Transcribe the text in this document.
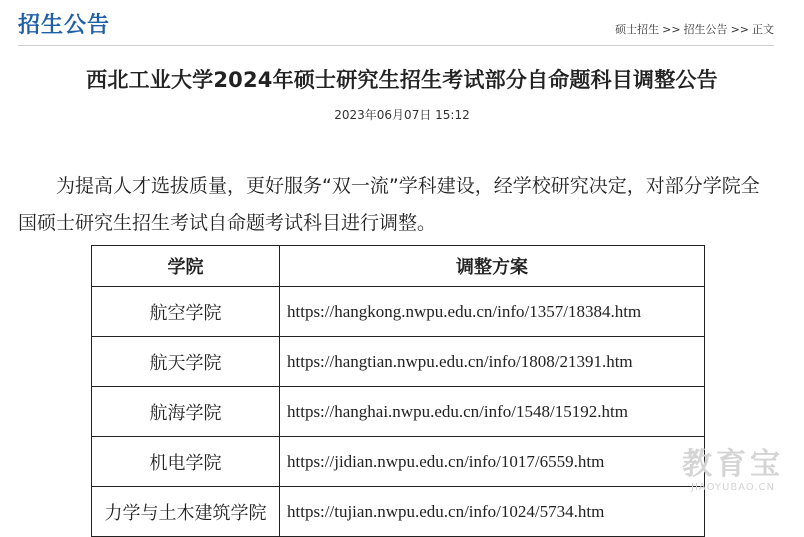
招生公告	硕士招生 >> 招生公告 >> 正文
西北工业大学2024年硕士研究生招生考试部分自命题科目调整公告
2023年06月07日 15:12
为提高人才选拔质量，更好服务“双一流”学科建设，经学校研究决定，对部分学院全国硕士研究生招生考试自命题考试科目进行调整。
学院	调整方案
航空学院	https://hangkong.nwpu.edu.cn/info/1357/18384.htm
航天学院	https://hangtian.nwpu.edu.cn/info/1808/21391.htm
航海学院	https://hanghai.nwpu.edu.cn/info/1548/15192.htm
机电学院	https://jidian.nwpu.edu.cn/info/1017/6559.htm
力学与土木建筑学院	https://tujian.nwpu.edu.cn/info/1024/5734.htm
教育宝
JIAOYUBAO.CN
